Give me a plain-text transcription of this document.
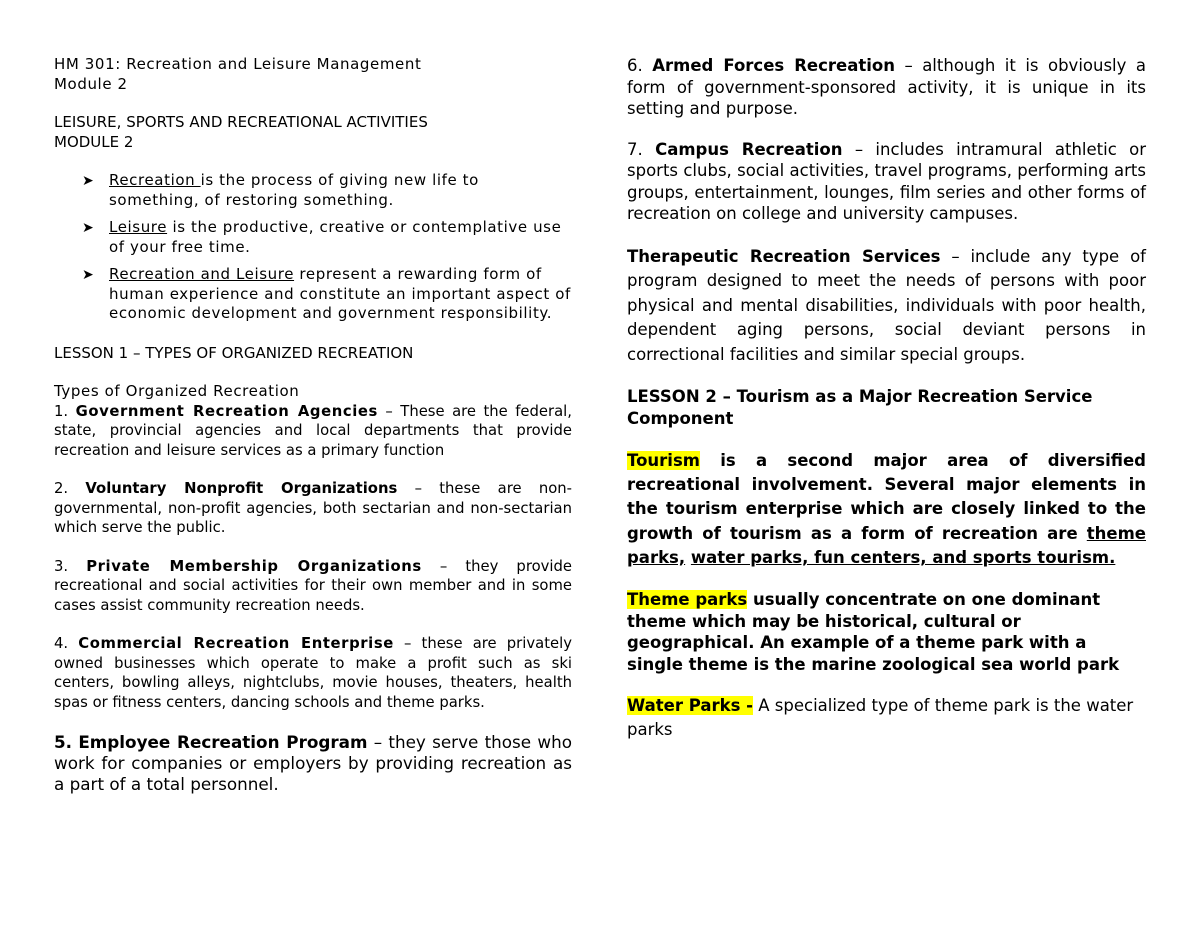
HM 301: Recreation and Leisure Management

Module 2

LEISURE, SPORTS AND RECREATIONAL ACTIVITIES

MODULE 2

➤ Recreation is the process of giving new life to something, of restoring something.
➤ Leisure is the productive, creative or contemplative use of your free time.
➤ Recreation and Leisure represent a rewarding form of human experience and constitute an important aspect of economic development and government responsibility.

LESSON 1 – TYPES OF ORGANIZED RECREATION

Types of Organized Recreation

1. Government Recreation Agencies – These are the federal, state, provincial agencies and local departments that provide recreation and leisure services as a primary function

2. Voluntary Nonprofit Organizations – these are non-governmental, non-profit agencies, both sectarian and non-sectarian which serve the public.

3. Private Membership Organizations – they provide recreational and social activities for their own member and in some cases assist community recreation needs.

4. Commercial Recreation Enterprise – these are privately owned businesses which operate to make a profit such as ski centers, bowling alleys, nightclubs, movie houses, theaters, health spas or fitness centers, dancing schools and theme parks.

5. Employee Recreation Program – they serve those who work for companies or employers by providing recreation as a part of a total personnel.

6. Armed Forces Recreation – although it is obviously a form of government-sponsored activity, it is unique in its setting and purpose.

7. Campus Recreation – includes intramural athletic or sports clubs, social activities, travel programs, performing arts groups, entertainment, lounges, film series and other forms of recreation on college and university campuses.

Therapeutic Recreation Services – include any type of program designed to meet the needs of persons with poor physical and mental disabilities, individuals with poor health, dependent aging persons, social deviant persons in correctional facilities and similar special groups.

LESSON 2 – Tourism as a Major Recreation Service Component

Tourism is a second major area of diversified recreational involvement. Several major elements in the tourism enterprise which are closely linked to the growth of tourism as a form of recreation are theme parks, water parks, fun centers, and sports tourism.

Theme parks usually concentrate on one dominant theme which may be historical, cultural or geographical. An example of a theme park with a single theme is the marine zoological sea world park

Water Parks - A specialized type of theme park is the water parks
